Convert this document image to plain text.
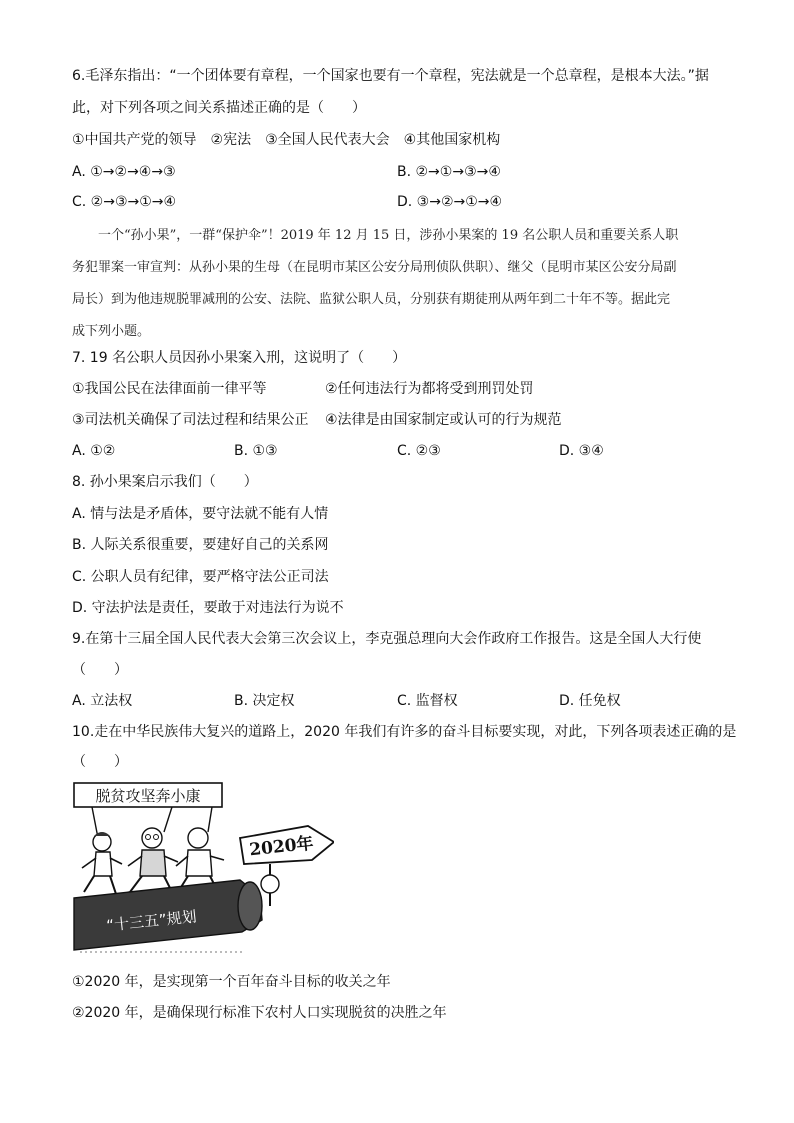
6.毛泽东指出：“一个团体要有章程，一个国家也要有一个章程，宪法就是一个总章程，是根本大法。”据
此，对下列各项之间关系描述正确的是（　　）
①中国共产党的领导　②宪法　③全国人民代表大会　④其他国家机构
A. ①→②→④→③	B. ②→①→③→④
C. ②→③→①→④	D. ③→②→①→④
　　一个“孙小果”，一群“保护伞”！2019 年 12 月 15 日，涉孙小果案的 19 名公职人员和重要关系人职
务犯罪案一审宣判：从孙小果的生母（在昆明市某区公安分局刑侦队供职）、继父（昆明市某区公安分局副
局长）到为他违规脱罪减刑的公安、法院、监狱公职人员，分别获有期徒刑从两年到二十年不等。据此完
成下列小题。
7. 19 名公职人员因孙小果案入刑，这说明了（　　）
①我国公民在法律面前一律平等	②任何违法行为都将受到刑罚处罚
③司法机关确保了司法过程和结果公正 ④法律是由国家制定或认可的行为规范
A. ①②	B. ①③	C. ②③	D. ③④
8. 孙小果案启示我们（　　）
A. 情与法是矛盾体，要守法就不能有人情
B. 人际关系很重要，要建好自己的关系网
C. 公职人员有纪律，要严格守法公正司法
D. 守法护法是责任，要敢于对违法行为说不
9.在第十三届全国人民代表大会第三次会议上，李克强总理向大会作政府工作报告。这是全国人大行使
（　　）
A. 立法权	B. 决定权	C. 监督权	D. 任免权
10.走在中华民族伟大复兴的道路上，2020 年我们有许多的奋斗目标要实现，对此，下列各项表述正确的是
（　　）
脱贫攻坚奔小康
2020年
“十三五”规划
①2020 年，是实现第一个百年奋斗目标的收关之年
②2020 年，是确保现行标准下农村人口实现脱贫的决胜之年
